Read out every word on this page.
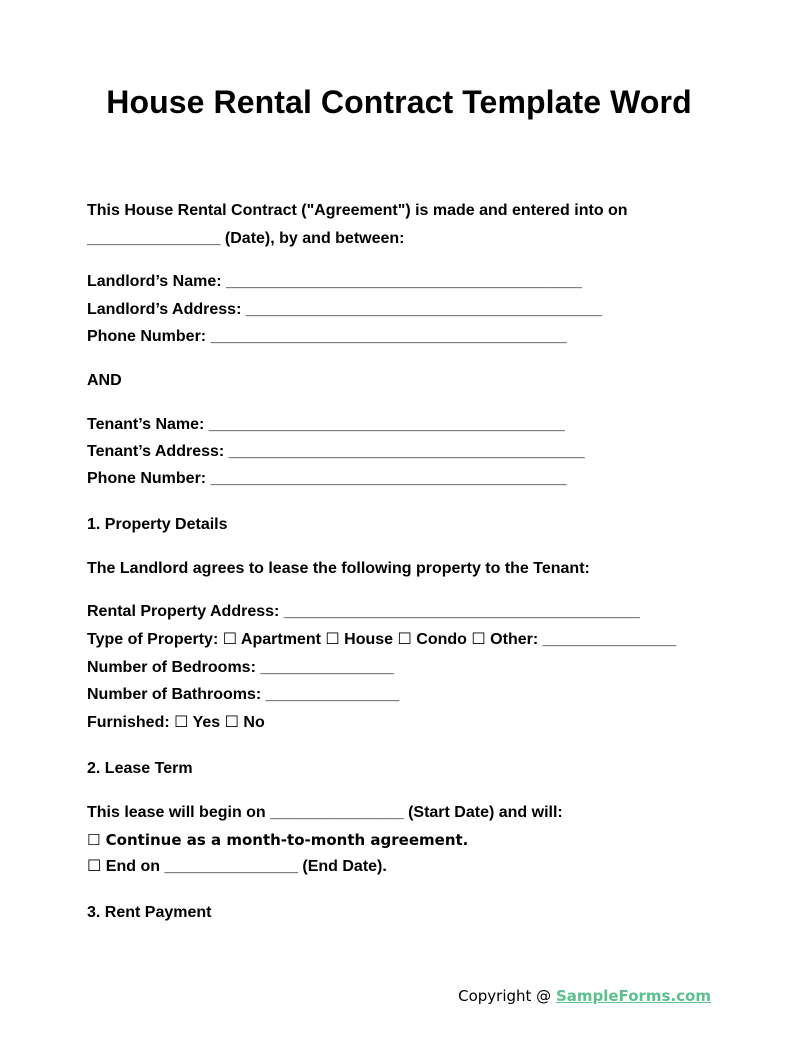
House Rental Contract Template Word

This House Rental Contract ("Agreement") is made and entered into on

_______________ (Date), by and between:

Landlord’s Name: ________________________________________

Landlord’s Address: ________________________________________

Phone Number: ________________________________________

AND

Tenant’s Name: ________________________________________

Tenant’s Address: ________________________________________

Phone Number: ________________________________________

1. Property Details

The Landlord agrees to lease the following property to the Tenant:

Rental Property Address: ________________________________________

Type of Property: ☐ Apartment ☐ House ☐ Condo ☐ Other: _______________

Number of Bedrooms: _______________

Number of Bathrooms: _______________

Furnished: ☐ Yes ☐ No

2. Lease Term

This lease will begin on _______________ (Start Date) and will:

☐ Continue as a month-to-month agreement.

☐ End on _______________ (End Date).

3. Rent Payment

Copyright @ SampleForms.com
